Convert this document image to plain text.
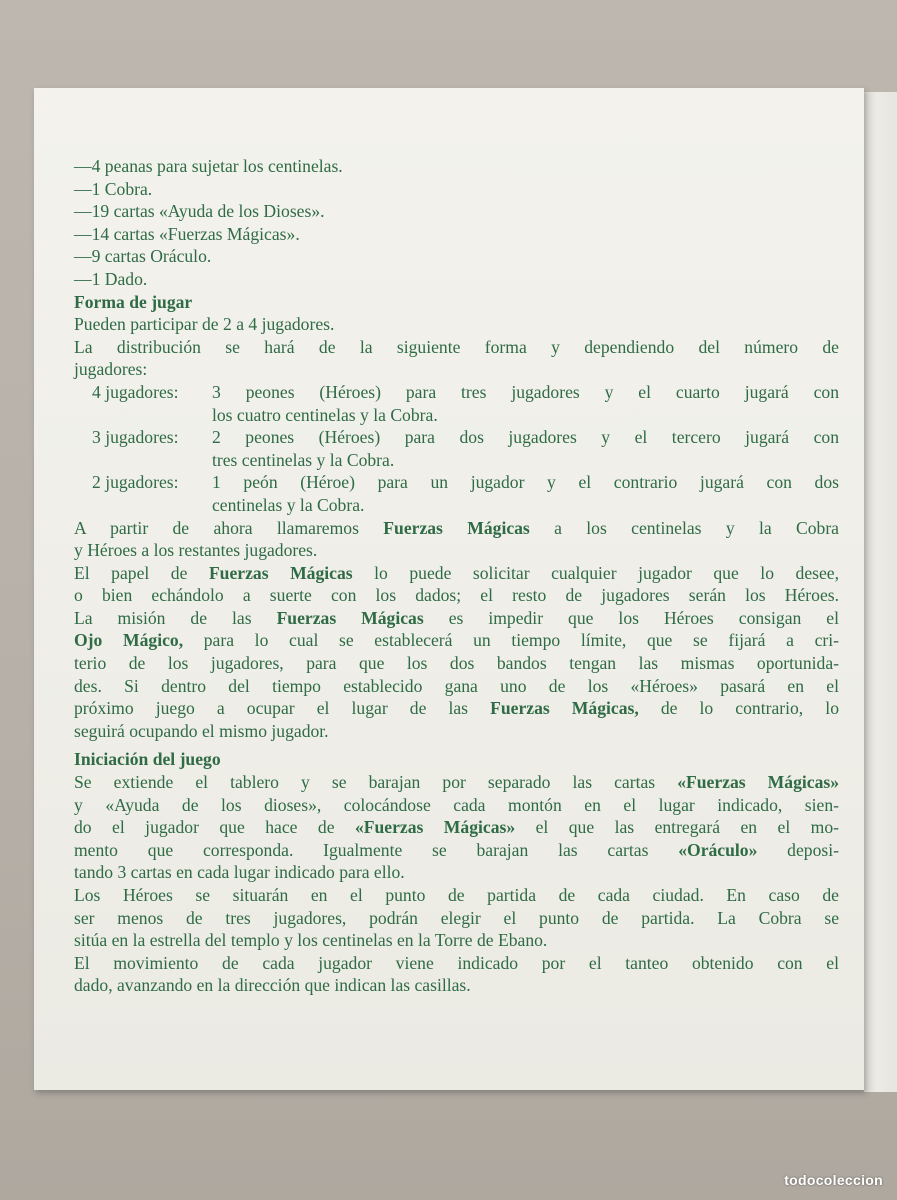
—4 peanas para sujetar los centinelas.
—1 Cobra.
—19 cartas «Ayuda de los Dioses».
—14 cartas «Fuerzas Mágicas».
—9 cartas Oráculo.
—1 Dado.
Forma de jugar
Pueden participar de 2 a 4 jugadores.
La distribución se hará de la siguiente forma y dependiendo del número de
jugadores:
4 jugadores:	3 peones (Héroes) para tres jugadores y el cuarto jugará con
los cuatro centinelas y la Cobra.
3 jugadores:	2 peones (Héroes) para dos jugadores y el tercero jugará con
tres centinelas y la Cobra.
2 jugadores:	1 peón (Héroe) para un jugador y el contrario jugará con dos
centinelas y la Cobra.
A partir de ahora llamaremos Fuerzas Mágicas a los centinelas y la Cobra
y Héroes a los restantes jugadores.
El papel de Fuerzas Mágicas lo puede solicitar cualquier jugador que lo desee,
o bien echándolo a suerte con los dados; el resto de jugadores serán los Héroes.
La misión de las Fuerzas Mágicas es impedir que los Héroes consigan el
Ojo Mágico, para lo cual se establecerá un tiempo límite, que se fijará a cri-
terio de los jugadores, para que los dos bandos tengan las mismas oportunida-
des. Si dentro del tiempo establecido gana uno de los «Héroes» pasará en el
próximo juego a ocupar el lugar de las Fuerzas Mágicas, de lo contrario, lo
seguirá ocupando el mismo jugador.
Iniciación del juego
Se extiende el tablero y se barajan por separado las cartas «Fuerzas Mágicas»
y «Ayuda de los dioses», colocándose cada montón en el lugar indicado, sien-
do el jugador que hace de «Fuerzas Mágicas» el que las entregará en el mo-
mento que corresponda. Igualmente se barajan las cartas «Oráculo» deposi-
tando 3 cartas en cada lugar indicado para ello.
Los Héroes se situarán en el punto de partida de cada ciudad. En caso de
ser menos de tres jugadores, podrán elegir el punto de partida. La Cobra se
sitúa en la estrella del templo y los centinelas en la Torre de Ebano.
El movimiento de cada jugador viene indicado por el tanteo obtenido con el
dado, avanzando en la dirección que indican las casillas.
todocoleccion
